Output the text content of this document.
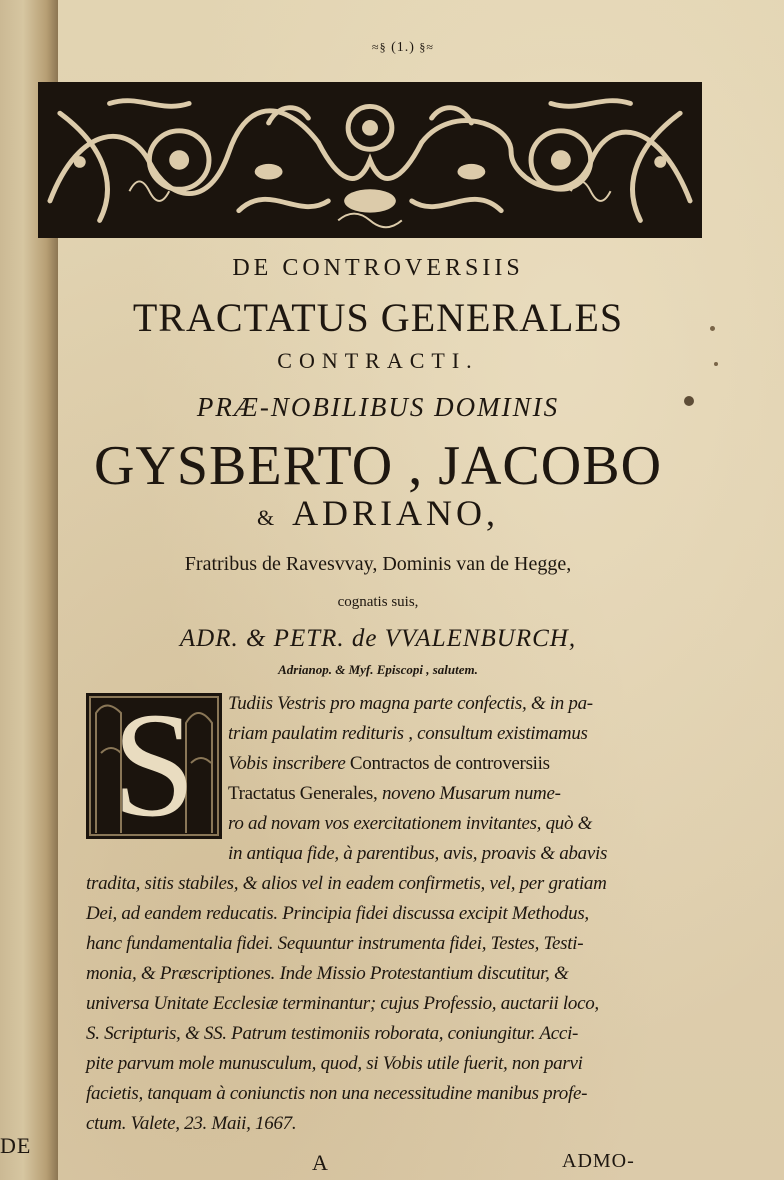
DE
≈§ (1.) §≈
DE CONTROVERSIIS
TRACTATUS GENERALES
CONTRACTI.
PRÆ-NOBILIBUS DOMINIS
GYSBERTO , JACOBO
& ADRIANO,
Fratribus de Ravesvvay, Dominis van de Hegge,
cognatis suis,
ADR. & PETR. de VVALENBURCH,
Adrianop. & Myf. Episcopi , salutem.
S	Tudiis Vestris pro magna parte confectis, & in pa-
triam paulatim redituris , consultum existimamus
Vobis inscribere Contractos de controversiis
Tractatus Generales, noveno Musarum nume-
ro ad novam vos exercitationem invitantes, quò &
in antiqua fide, à parentibus, avis, proavis & abavis
tradita, sitis stabiles, & alios vel in eadem confirmetis, vel, per gratiam
Dei, ad eandem reducatis. Principia fidei discussa excipit Methodus,
hanc fundamentalia fidei. Sequuntur instrumenta fidei, Testes, Testi-
monia, & Præscriptiones. Inde Missio Protestantium discutitur, &
universa Unitate Ecclesiæ terminantur; cujus Professio, auctarii loco,
S. Scripturis, & SS. Patrum testimoniis roborata, coniungitur. Acci-
pite parvum mole munusculum, quod, si Vobis utile fuerit, non parvi
facietis, tanquam à coniunctis non una necessitudine manibus profe-
ctum. Valete, 23. Maii, 1667.
A	ADMO-
